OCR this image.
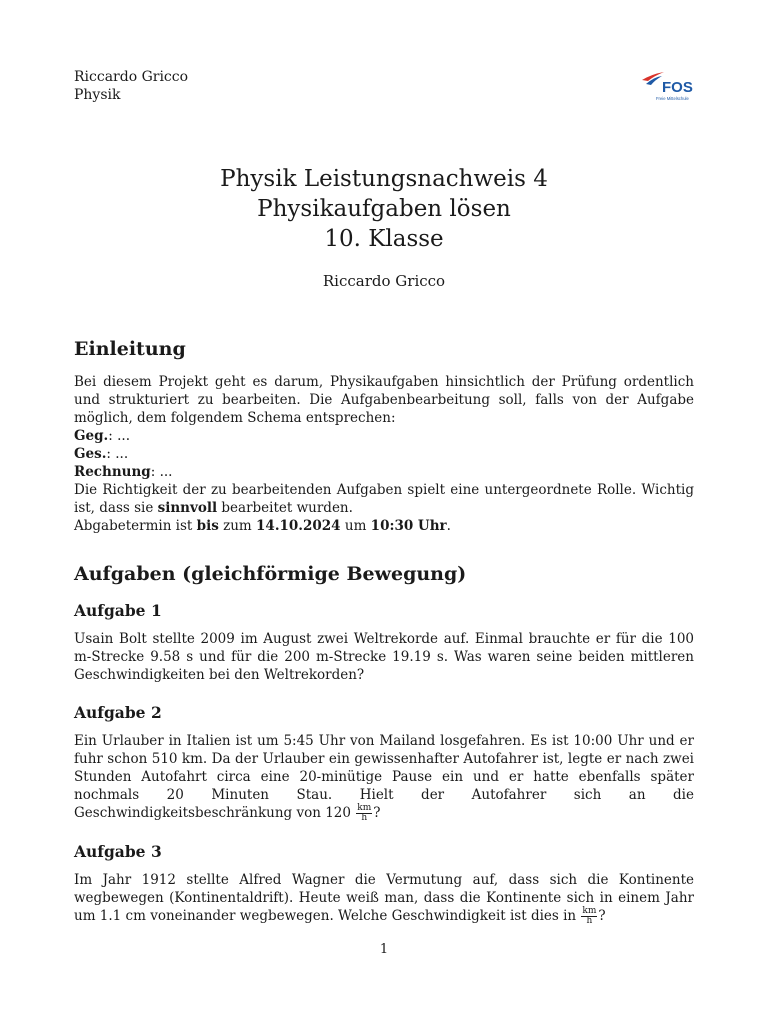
Riccardo Gricco
Physik	FOS
Freie Mittelschule
Physik Leistungsnachweis 4
Physikaufgaben lösen
10. Klasse
Riccardo Gricco
Einleitung

Bei diesem Projekt geht es darum, Physikaufgaben hinsichtlich der Prüfung ordentlich und strukturiert zu bearbeiten. Die Aufgabenbearbeitung soll, falls von der Aufgabe möglich, dem folgendem Schema entsprechen:

Geg.: ...
Ges.: ...
Rechnung: ...

Die Richtigkeit der zu bearbeitenden Aufgaben spielt eine untergeordnete Rolle. Wichtig ist, dass sie sinnvoll bearbeitet wurden.

Abgabetermin ist bis zum 14.10.2024 um 10:30 Uhr.
Aufgaben (gleichförmige Bewegung)
Aufgabe 1

Usain Bolt stellte 2009 im August zwei Weltrekorde auf. Einmal brauchte er für die 100 m-Strecke 9.58 s und für die 200 m-Strecke 19.19 s. Was waren seine beiden mittleren Geschwindigkeiten bei den Weltrekorden?

Aufgabe 2

Ein Urlauber in Italien ist um 5:45 Uhr von Mailand losgefahren. Es ist 10:00 Uhr und er fuhr schon 510 km. Da der Urlauber ein gewissenhafter Autofahrer ist, legte er nach zwei Stunden Autofahrt circa eine 20-minütige Pause ein und er hatte ebenfalls später nochmals 20 Minuten Stau. Hielt der Autofahrer sich an die Geschwindigkeitsbeschränkung von $120 \frac{km}{h}$ ?

Aufgabe 3

Im Jahr 1912 stellte Alfred Wagner die Vermutung auf, dass sich die Kontinente wegbewegen (Kontinentaldrift). Heute weiß man, dass die Kontinente sich in einem Jahr um 1.1 cm voneinander wegbewegen. Welche Geschwindigkeit ist dies in $\frac{km}{h}$ ?

1
